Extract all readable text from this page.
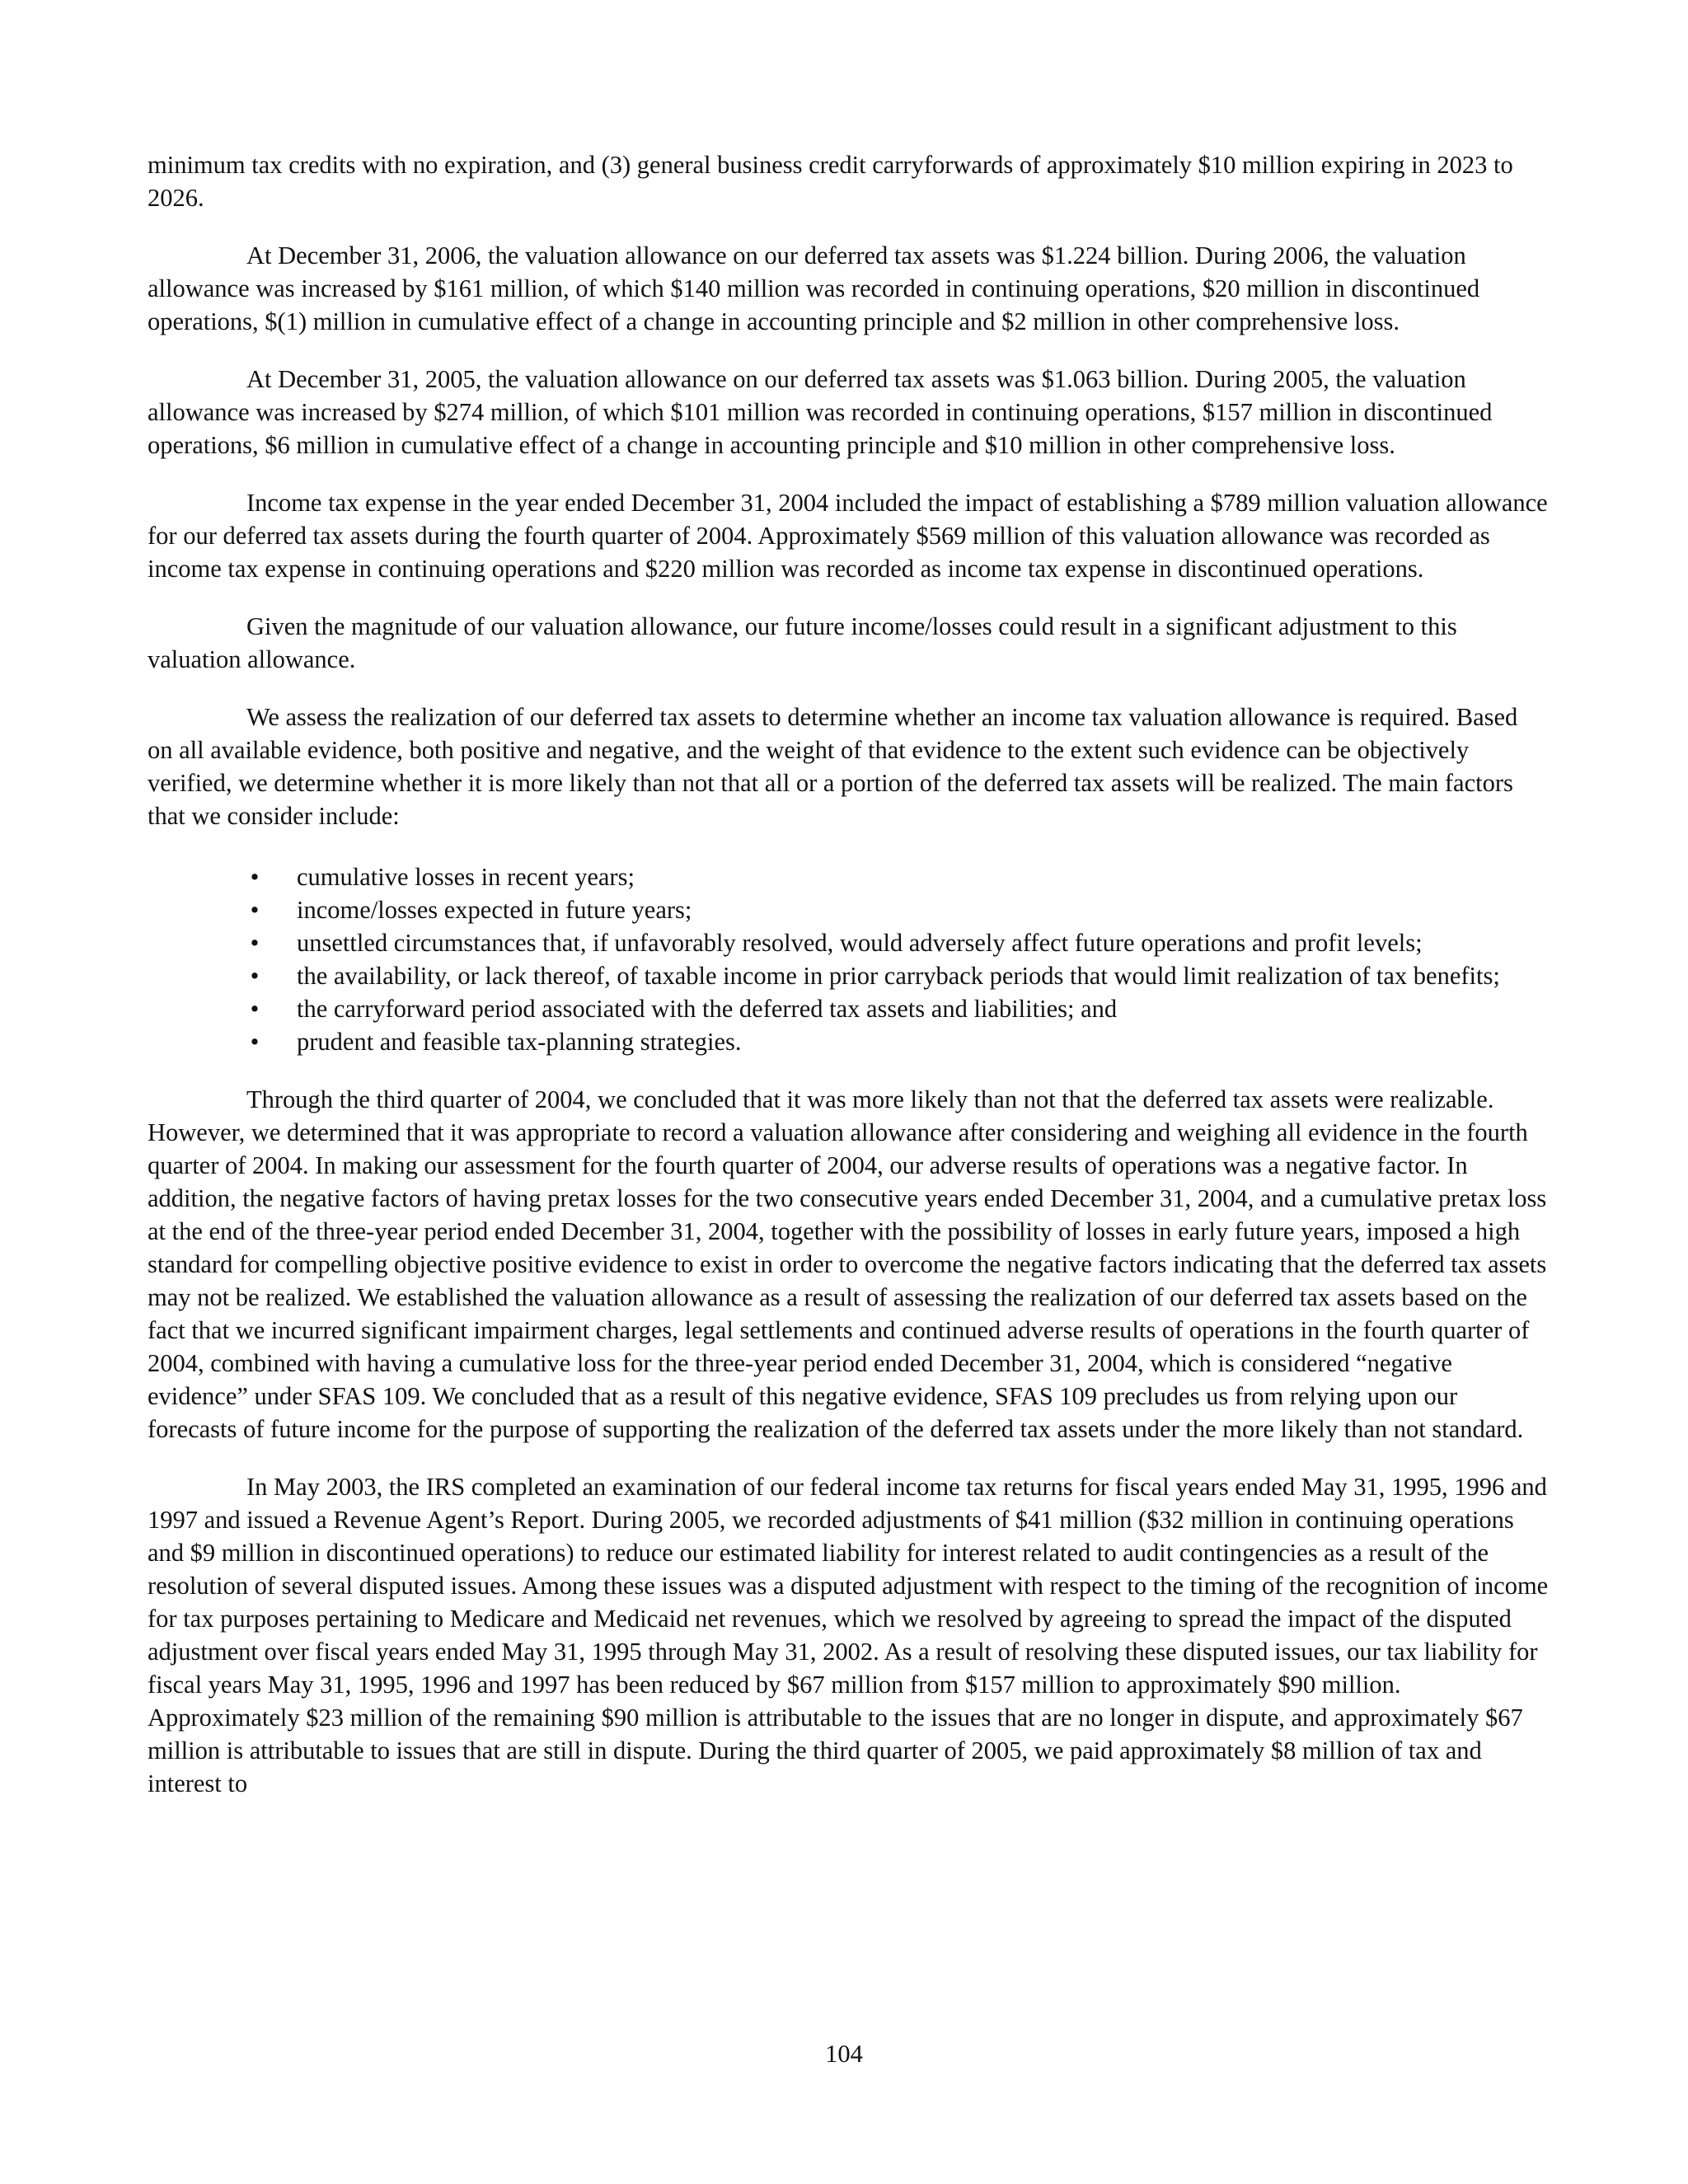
minimum tax credits with no expiration, and (3) general business credit carryforwards of approximately $10 million expiring in 2023 to 2026.

At December 31, 2006, the valuation allowance on our deferred tax assets was $1.224 billion. During 2006, the valuation allowance was increased by $161 million, of which $140 million was recorded in continuing operations, $20 million in discontinued operations, $(1) million in cumulative effect of a change in accounting principle and $2 million in other comprehensive loss.

At December 31, 2005, the valuation allowance on our deferred tax assets was $1.063 billion. During 2005, the valuation allowance was increased by $274 million, of which $101 million was recorded in continuing operations, $157 million in discontinued operations, $6 million in cumulative effect of a change in accounting principle and $10 million in other comprehensive loss.

Income tax expense in the year ended December 31, 2004 included the impact of establishing a $789 million valuation allowance for our deferred tax assets during the fourth quarter of 2004. Approximately $569 million of this valuation allowance was recorded as income tax expense in continuing operations and $220 million was recorded as income tax expense in discontinued operations.

Given the magnitude of our valuation allowance, our future income/losses could result in a significant adjustment to this valuation allowance.

We assess the realization of our deferred tax assets to determine whether an income tax valuation allowance is required. Based on all available evidence, both positive and negative, and the weight of that evidence to the extent such evidence can be objectively verified, we determine whether it is more likely than not that all or a portion of the deferred tax assets will be realized. The main factors that we consider include:

• cumulative losses in recent years;
• income/losses expected in future years;
• unsettled circumstances that, if unfavorably resolved, would adversely affect future operations and profit levels;
• the availability, or lack thereof, of taxable income in prior carryback periods that would limit realization of tax benefits;
• the carryforward period associated with the deferred tax assets and liabilities; and
• prudent and feasible tax-planning strategies.

Through the third quarter of 2004, we concluded that it was more likely than not that the deferred tax assets were realizable. However, we determined that it was appropriate to record a valuation allowance after considering and weighing all evidence in the fourth quarter of 2004. In making our assessment for the fourth quarter of 2004, our adverse results of operations was a negative factor. In addition, the negative factors of having pretax losses for the two consecutive years ended December 31, 2004, and a cumulative pretax loss at the end of the three-year period ended December 31, 2004, together with the possibility of losses in early future years, imposed a high standard for compelling objective positive evidence to exist in order to overcome the negative factors indicating that the deferred tax assets may not be realized. We established the valuation allowance as a result of assessing the realization of our deferred tax assets based on the fact that we incurred significant impairment charges, legal settlements and continued adverse results of operations in the fourth quarter of 2004, combined with having a cumulative loss for the three-year period ended December 31, 2004, which is considered “negative evidence” under SFAS 109. We concluded that as a result of this negative evidence, SFAS 109 precludes us from relying upon our forecasts of future income for the purpose of supporting the realization of the deferred tax assets under the more likely than not standard.

In May 2003, the IRS completed an examination of our federal income tax returns for fiscal years ended May 31, 1995, 1996 and 1997 and issued a Revenue Agent’s Report. During 2005, we recorded adjustments of $41 million ($32 million in continuing operations and $9 million in discontinued operations) to reduce our estimated liability for interest related to audit contingencies as a result of the resolution of several disputed issues. Among these issues was a disputed adjustment with respect to the timing of the recognition of income for tax purposes pertaining to Medicare and Medicaid net revenues, which we resolved by agreeing to spread the impact of the disputed adjustment over fiscal years ended May 31, 1995 through May 31, 2002. As a result of resolving these disputed issues, our tax liability for fiscal years May 31, 1995, 1996 and 1997 has been reduced by $67 million from $157 million to approximately $90 million. Approximately $23 million of the remaining $90 million is attributable to the issues that are no longer in dispute, and approximately $67 million is attributable to issues that are still in dispute. During the third quarter of 2005, we paid approximately $8 million of tax and interest to

104
